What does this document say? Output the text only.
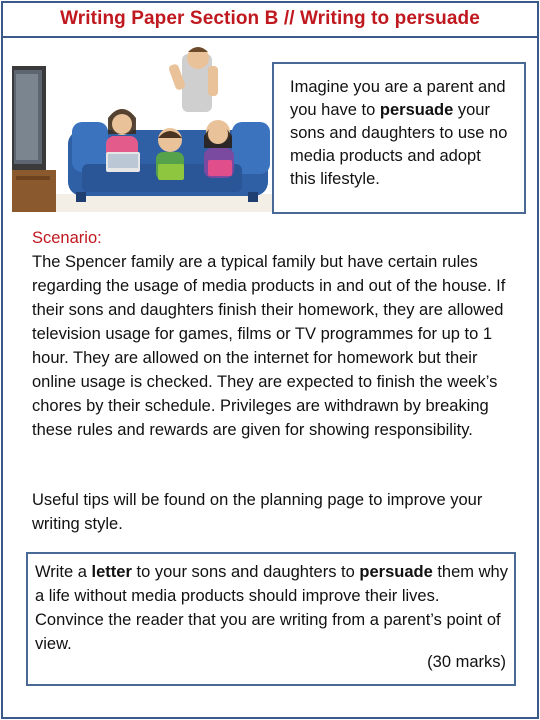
Writing Paper Section B // Writing to persuade
Imagine you are a parent and you have to persuade your sons and daughters to use no media products and adopt this lifestyle.
Scenario:
The Spencer family are a typical family but have certain rules regarding the usage of media products in and out of the house. If their sons and daughters finish their homework, they are allowed television usage for games, films or TV programmes for up to 1 hour. They are allowed on the internet for homework but their online usage is checked. They are expected to finish the week’s chores by their schedule. Privileges are withdrawn by breaking these rules and rewards are given for showing responsibility.
Useful tips will be found on the planning page to improve your writing style.
Write a letter to your sons and daughters to persuade them why a life without media products should improve their lives. Convince the reader that you are writing from a parent’s point of view.
(30 marks)
